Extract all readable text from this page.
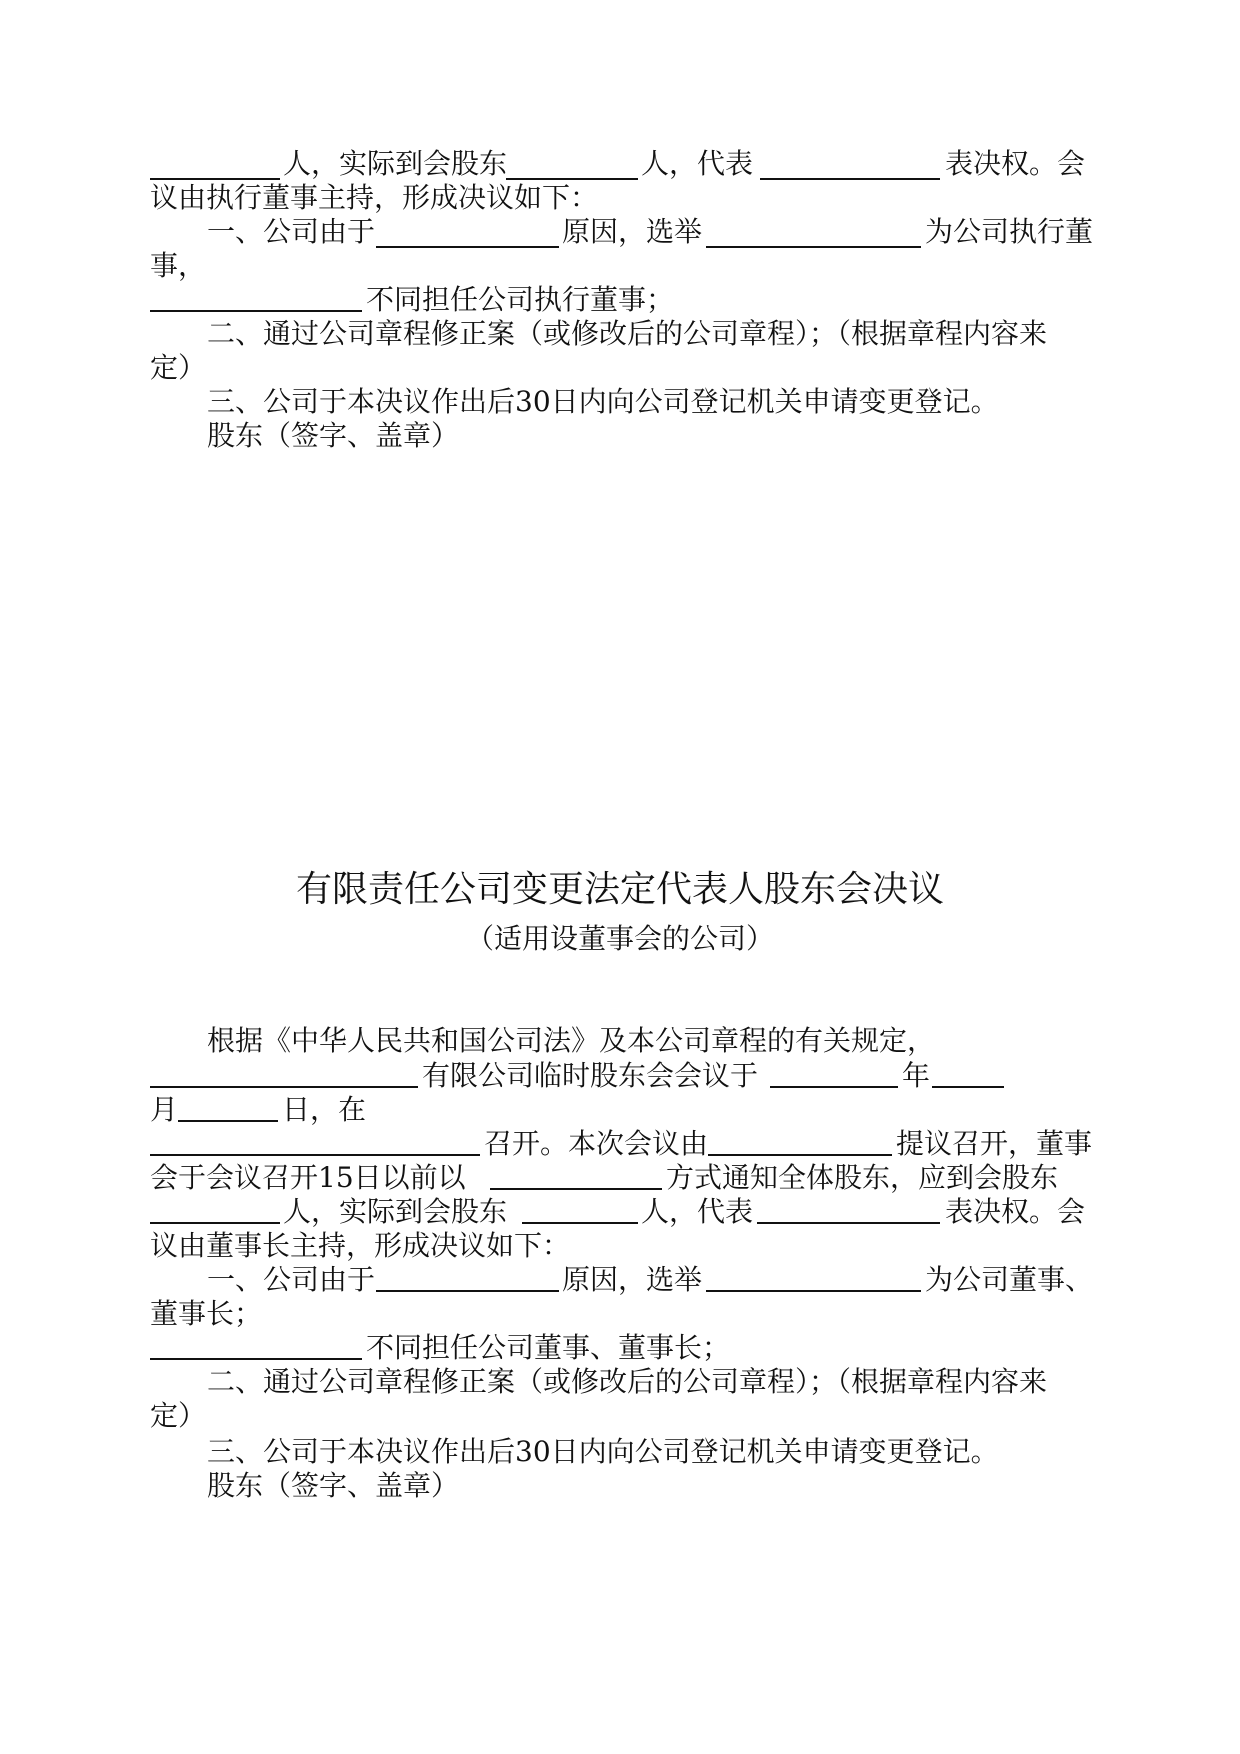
人，实际到会股东	人，代表	表决权。会
议由执行董事主持，形成决议如下：
一、公司由于	原因，选举	为公司执行董
事，
不同担任公司执行董事；
二、通过公司章程修正案（或修改后的公司章程）；（根据章程内容来
定）
三、公司于本决议作出后30日内向公司登记机关申请变更登记。
股东（签字、盖章）
有限责任公司变更法定代表人股东会决议
（适用设董事会的公司）
根据《中华人民共和国公司法》及本公司章程的有关规定，
有限公司临时股东会会议于	年
月	日，在
召开。本次会议由	提议召开，董事
会于会议召开15日以前以	方式通知全体股东，应到会股东
人，实际到会股东	人，代表	表决权。会
议由董事长主持，形成决议如下：
一、公司由于	原因，选举	为公司董事、
董事长；
不同担任公司董事、董事长；
二、通过公司章程修正案（或修改后的公司章程）；（根据章程内容来
定）
三、公司于本决议作出后30日内向公司登记机关申请变更登记。
股东（签字、盖章）
